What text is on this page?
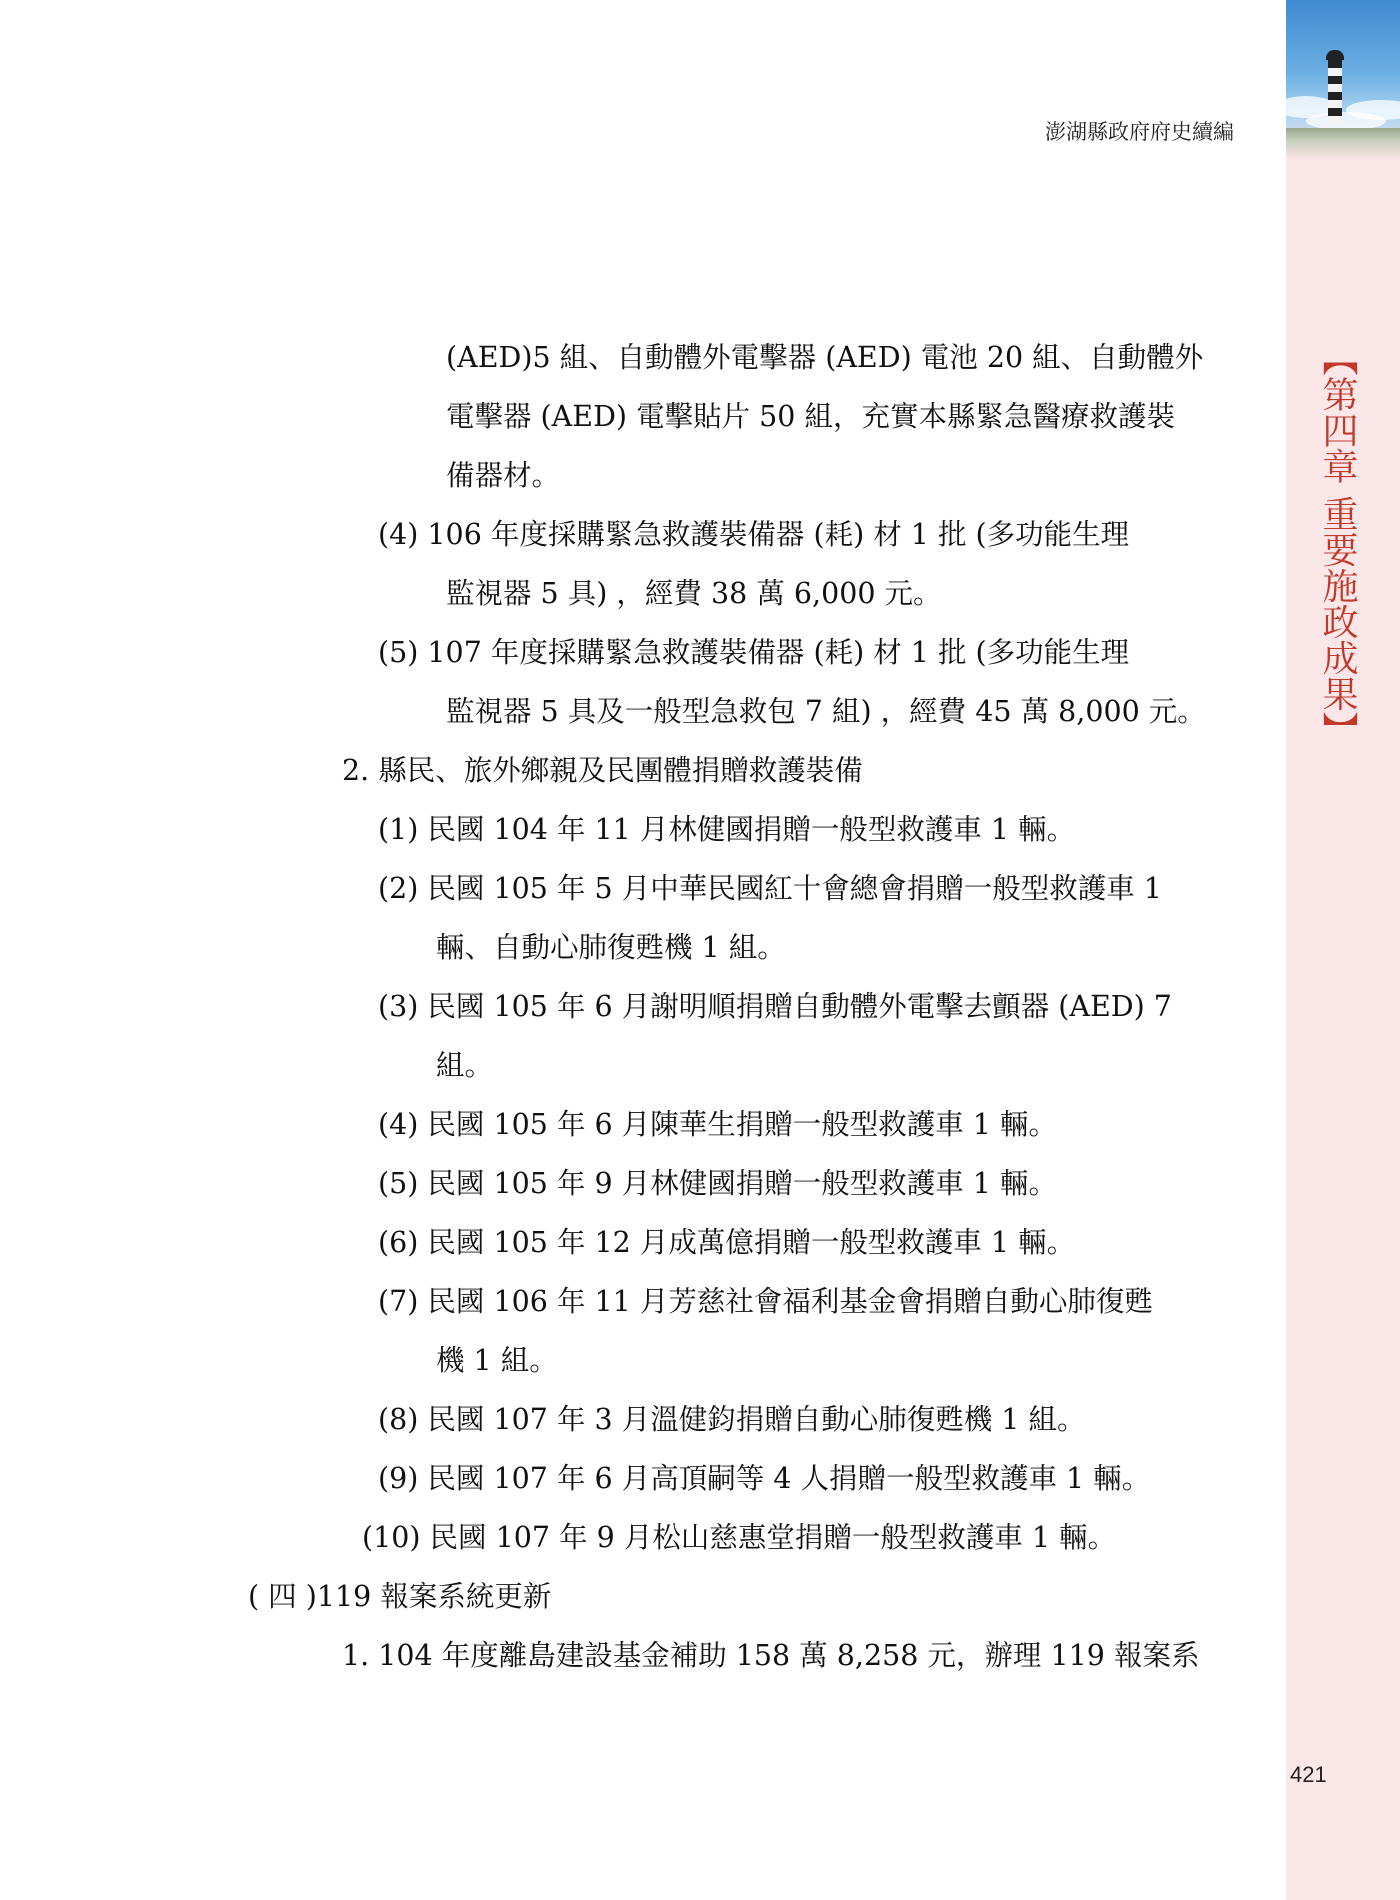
【第四章 重要施政成果】
澎湖縣政府府史續編
(AED)5 組、自動體外電擊器 (AED) 電池 20 組、自動體外
電擊器 (AED) 電擊貼片 50 組，充實本縣緊急醫療救護裝
備器材。
(4) 106 年度採購緊急救護裝備器 (耗) 材 1 批 (多功能生理
監視器 5 具) ，經費 38 萬 6,000 元。
(5) 107 年度採購緊急救護裝備器 (耗) 材 1 批 (多功能生理
監視器 5 具及一般型急救包 7 組) ，經費 45 萬 8,000 元。
2. 縣民、旅外鄉親及民團體捐贈救護裝備
(1) 民國 104 年 11 月林健國捐贈一般型救護車 1 輛。
(2) 民國 105 年 5 月中華民國紅十會總會捐贈一般型救護車 1
輛、自動心肺復甦機 1 組。
(3) 民國 105 年 6 月謝明順捐贈自動體外電擊去顫器 (AED) 7
組。
(4) 民國 105 年 6 月陳華生捐贈一般型救護車 1 輛。
(5) 民國 105 年 9 月林健國捐贈一般型救護車 1 輛。
(6) 民國 105 年 12 月成萬億捐贈一般型救護車 1 輛。
(7) 民國 106 年 11 月芳慈社會福利基金會捐贈自動心肺復甦
機 1 組。
(8) 民國 107 年 3 月溫健鈞捐贈自動心肺復甦機 1 組。
(9) 民國 107 年 6 月高頂嗣等 4 人捐贈一般型救護車 1 輛。
(10) 民國 107 年 9 月松山慈惠堂捐贈一般型救護車 1 輛。
( 四 )119 報案系統更新
1. 104 年度離島建設基金補助 158 萬 8,258 元，辦理 119 報案系
421
